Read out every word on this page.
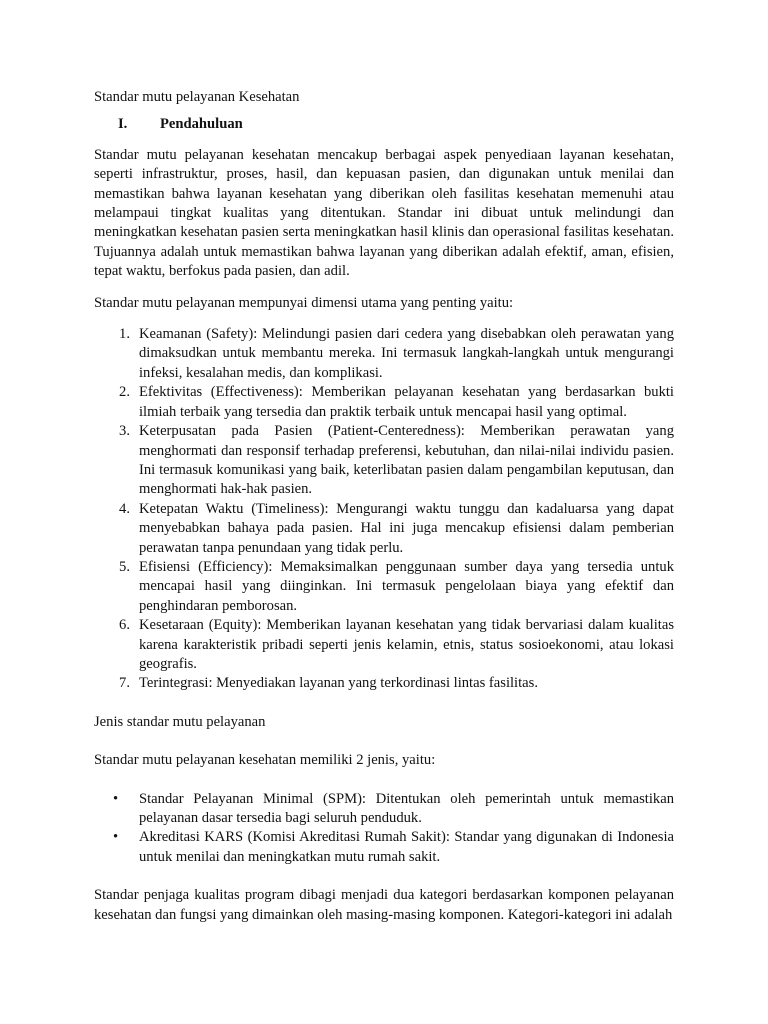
Standar mutu pelayanan Kesehatan

I.	Pendahuluan

Standar mutu pelayanan kesehatan mencakup berbagai aspek penyediaan layanan kesehatan, seperti infrastruktur, proses, hasil, dan kepuasan pasien, dan digunakan untuk menilai dan memastikan bahwa layanan kesehatan yang diberikan oleh fasilitas kesehatan memenuhi atau melampaui tingkat kualitas yang ditentukan. Standar ini dibuat untuk melindungi dan meningkatkan kesehatan pasien serta meningkatkan hasil klinis dan operasional fasilitas kesehatan. Tujuannya adalah untuk memastikan bahwa layanan yang diberikan adalah efektif, aman, efisien, tepat waktu, berfokus pada pasien, dan adil.

Standar mutu pelayanan mempunyai dimensi utama yang penting yaitu:

1. Keamanan (Safety): Melindungi pasien dari cedera yang disebabkan oleh perawatan yang dimaksudkan untuk membantu mereka. Ini termasuk langkah-langkah untuk mengurangi infeksi, kesalahan medis, dan komplikasi.
2. Efektivitas (Effectiveness): Memberikan pelayanan kesehatan yang berdasarkan bukti ilmiah terbaik yang tersedia dan praktik terbaik untuk mencapai hasil yang optimal.
3. Keterpusatan pada Pasien (Patient-Centeredness): Memberikan perawatan yang menghormati dan responsif terhadap preferensi, kebutuhan, dan nilai-nilai individu pasien. Ini termasuk komunikasi yang baik, keterlibatan pasien dalam pengambilan keputusan, dan menghormati hak-hak pasien.
4. Ketepatan Waktu (Timeliness): Mengurangi waktu tunggu dan kadaluarsa yang dapat menyebabkan bahaya pada pasien. Hal ini juga mencakup efisiensi dalam pemberian perawatan tanpa penundaan yang tidak perlu.
5. Efisiensi (Efficiency): Memaksimalkan penggunaan sumber daya yang tersedia untuk mencapai hasil yang diinginkan. Ini termasuk pengelolaan biaya yang efektif dan penghindaran pemborosan.
6. Kesetaraan (Equity): Memberikan layanan kesehatan yang tidak bervariasi dalam kualitas karena karakteristik pribadi seperti jenis kelamin, etnis, status sosioekonomi, atau lokasi geografis.
7. Terintegrasi: Menyediakan layanan yang terkordinasi lintas fasilitas.

Jenis standar mutu pelayanan

Standar mutu pelayanan kesehatan memiliki 2 jenis, yaitu:

•	Standar Pelayanan Minimal (SPM): Ditentukan oleh pemerintah untuk memastikan pelayanan dasar tersedia bagi seluruh penduduk.
•	Akreditasi KARS (Komisi Akreditasi Rumah Sakit): Standar yang digunakan di Indonesia untuk menilai dan meningkatkan mutu rumah sakit.

Standar penjaga kualitas program dibagi menjadi dua kategori berdasarkan komponen pelayanan kesehatan dan fungsi yang dimainkan oleh masing-masing komponen. Kategori-kategori ini adalah
